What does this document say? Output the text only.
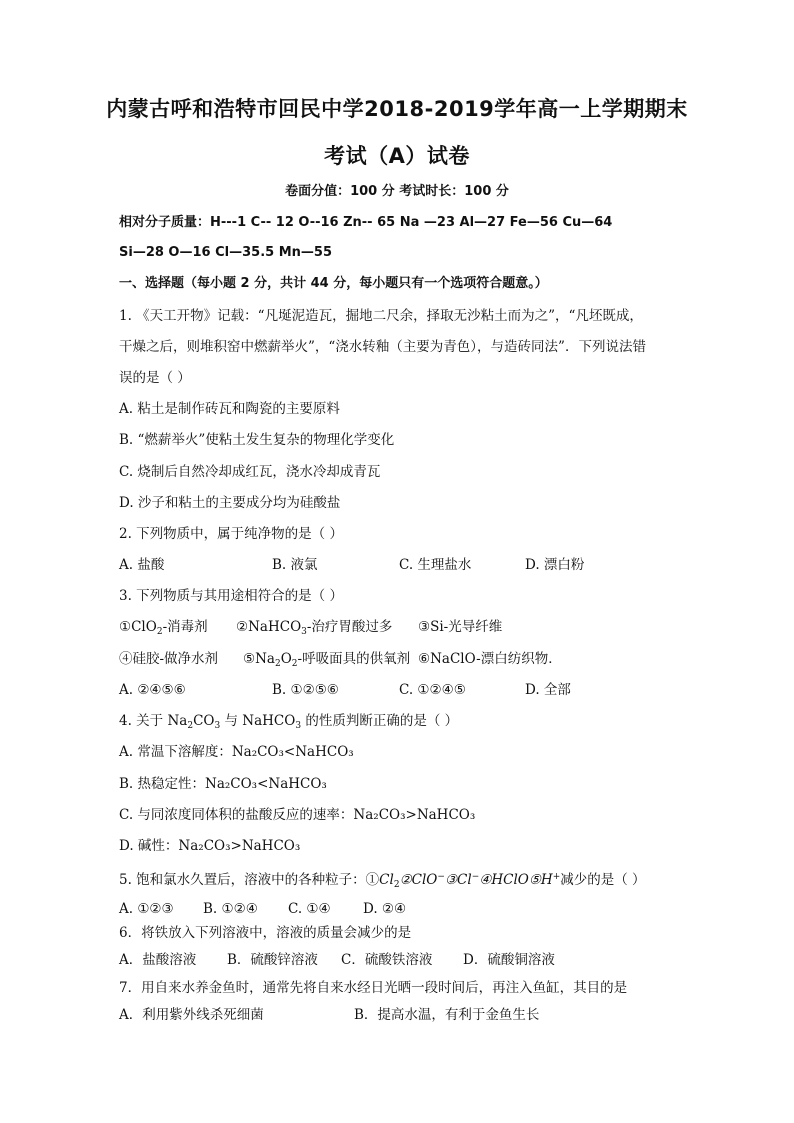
内蒙古呼和浩特市回民中学2018-2019学年高一上学期期末
考试（A）试卷
卷面分值：100 分 考试时长：100 分
相对分子质量：H---1 C-- 12 O--16 Zn-- 65 Na —23 Al—27 Fe—56 Cu—64
Si—28 O—16 Cl—35.5 Mn—55
一、选择题（每小题 2 分，共计 44 分，每小题只有一个选项符合题意。）
1. 《天工开物》记载：“凡埏泥造瓦，掘地二尺余，择取无沙粘土而为之”，“凡坯既成，
干燥之后，则堆积窑中燃薪举火”，“浇水转釉（主要为青色），与造砖同法”．下列说法错
误的是（ ）
A. 粘土是制作砖瓦和陶瓷的主要原料
B. “燃薪举火”使粘土发生复杂的物理化学变化
C. 烧制后自然冷却成红瓦，浇水冷却成青瓦
D. 沙子和粘土的主要成分均为硅酸盐
2. 下列物质中，属于纯净物的是（ ）
A. 盐酸	B. 液氯	C. 生理盐水	D. 漂白粉
3. 下列物质与其用途相符合的是（ ）
①ClO$_2$-消毒剂 ②NaHCO$_3$-治疗胃酸过多 ③Si-光导纤维
④硅胶-做净水剂 $⑤Na_2O_2-$呼吸面具的供氧剂 ⑥NaClO-漂白纺织物．
A. ②④⑤⑥	B. ①②⑤⑥	C. ①②④⑤	D. 全部
4. 关于 $Na_2CO_3$ 与 NaHCO$_3$ 的性质判断正确的是（ ）
A. 常温下溶解度：Na₂CO₃<NaHCO₃
B. 热稳定性：Na₂CO₃<NaHCO₃
C. 与同浓度同体积的盐酸反应的速率：Na₂CO₃>NaHCO₃
D. 碱性：Na₂CO₃>NaHCO₃
5. 饱和氯水久置后，溶液中的各种粒子：$①Cl_2②ClO^-③Cl^-④HClO⑤H^+$减少的是（ ）
A. ①②③ B. ①②④ C. ①④ D. ②④
6．将铁放入下列溶液中，溶液的质量会减少的是
A．盐酸溶液 B．硫酸锌溶液 C．硫酸铁溶液 D．硫酸铜溶液
7．用自来水养金鱼时，通常先将自来水经日光晒一段时间后，再注入鱼缸，其目的是
A．利用紫外线杀死细菌	B．提高水温，有利于金鱼生长
